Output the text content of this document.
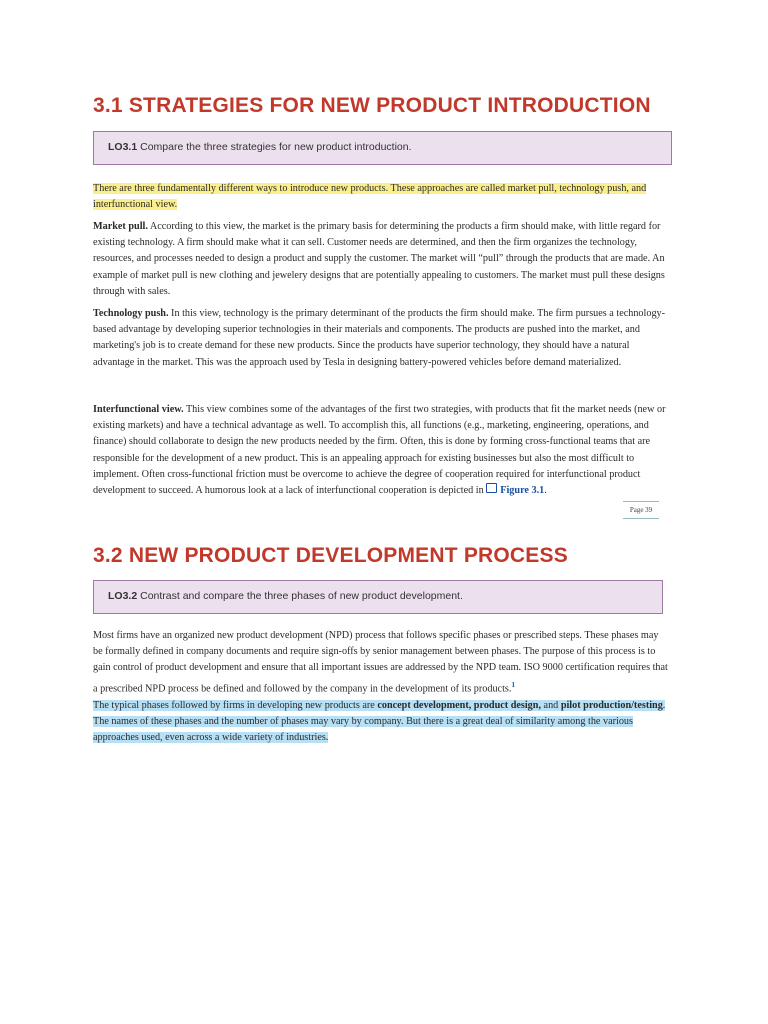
3.1 STRATEGIES FOR NEW PRODUCT INTRODUCTION
LO3.1 Compare the three strategies for new product introduction.

There are three fundamentally different ways to introduce new products. These approaches are called market pull, technology push, and interfunctional view.

Market pull. According to this view, the market is the primary basis for determining the products a firm should make, with little regard for existing technology. A firm should make what it can sell. Customer needs are determined, and then the firm organizes the technology, resources, and processes needed to design a product and supply the customer. The market will “pull” through the products that are made. An example of market pull is new clothing and jewelery designs that are potentially appealing to customers. The market must pull these designs through with sales.

Technology push. In this view, technology is the primary determinant of the products the firm should make. The firm pursues a technology-based advantage by developing superior technologies in their materials and components. The products are pushed into the market, and marketing's job is to create demand for these new products. Since the products have superior technology, they should have a natural advantage in the market. This was the approach used by Tesla in designing battery-powered vehicles before demand materialized.

Interfunctional view. This view combines some of the advantages of the first two strategies, with products that fit the market needs (new or existing markets) and have a technical advantage as well. To accomplish this, all functions (e.g., marketing, engineering, operations, and finance) should collaborate to design the new products needed by the firm. Often, this is done by forming cross-functional teams that are responsible for the development of a new product. This is an appealing approach for existing businesses but also the most difficult to implement. Often cross-functional friction must be overcome to achieve the degree of cooperation required for interfunctional product development to succeed. A humorous look at a lack of interfunctional cooperation is depicted in Figure 3.1.

Page 39
3.2 NEW PRODUCT DEVELOPMENT PROCESS
LO3.2 Contrast and compare the three phases of new product development.

Most firms have an organized new product development (NPD) process that follows specific phases or prescribed steps. These phases may be formally defined in company documents and require sign-offs by senior management between phases. The purpose of this process is to gain control of product development and ensure that all important issues are addressed by the NPD team. ISO 9000 certification requires that a prescribed NPD process be defined and followed by the company in the development of its products.$^1$

The typical phases followed by firms in developing new products are concept development, product design, and pilot production/testing. The names of these phases and the number of phases may vary by company. But there is a great deal of similarity among the various approaches used, even across a wide variety of industries.
